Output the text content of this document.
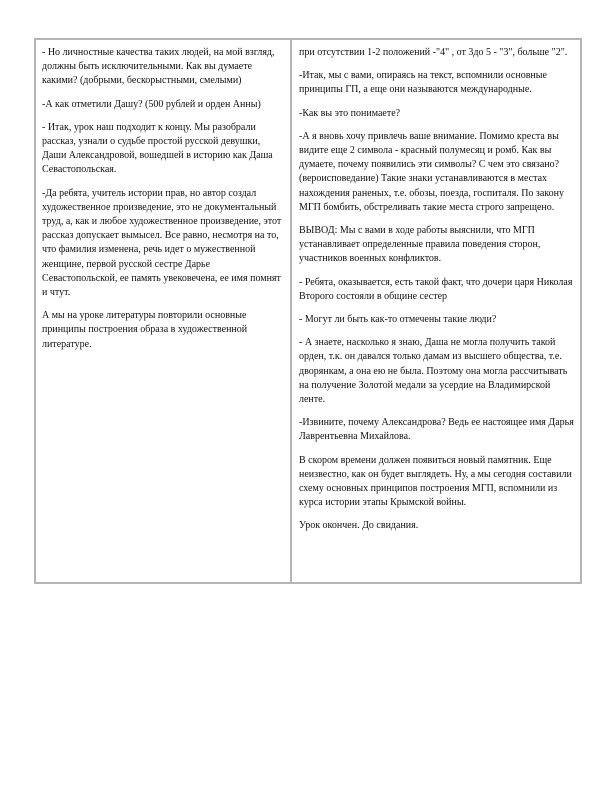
- Но личностные качества таких людей, на мой взгляд, должны быть исключительными. Как вы думаете какими? (добрыми, бескорыстными, смелыми)

-А как отметили Дашу? (500 рублей и орден Анны)

- Итак, урок наш подходит к концу. Мы разобрали рассказ, узнали о судьбе простой русской девушки, Даши Александровой, вошедшей в историю как Даша Севастопольская.

-Да ребята, учитель истории прав, но автор создал художественное произведение, это не документальный труд, а, как и любое художественное произведение, этот рассказ допускает вымысел. Все равно, несмотря на то, что фамилия изменена, речь идет о мужественной женщине, первой русской сестре Дарье Севастопольской, ее память увековечена, ее имя помнят и чтут.

А мы на уроке литературы повторили основные принципы построения образа в художественной литературе.

при отсутствии 1-2 положений -"4" , от 3до 5 - "3", больше "2".

-Итак, мы с вами, опираясь на текст, вспомнили основные принципы ГП, а еще они называются международные.

-Как вы это понимаете?

-А я вновь хочу привлечь ваше внимание. Помимо креста вы видите еще 2 символа - красный полумесяц и ромб. Как вы думаете, почему появились эти символы? С чем это связано? (вероисповедание) Такие знаки устанавливаются в местах нахождения раненых, т.е. обозы, поезда, госпиталя. По закону МГП бомбить, обстреливать такие места строго запрещено.

ВЫВОД: Мы с вами в ходе работы выяснили, что МГП устанавливает определенные правила поведения сторон, участников военных конфликтов.

- Ребята, оказывается, есть такой факт, что дочери царя Николая Второго состояли в общине сестер

- Могут ли быть как-то отмечены такие люди?

- А знаете, насколько я знаю, Даша не могла получить такой орден, т.к. он давался только дамам из высшего общества, т.е. дворянкам, а она ею не была. Поэтому она могла рассчитывать на получение Золотой медали за усердие на Владимирской ленте.

-Извините, почему Александрова? Ведь ее настоящее имя Дарья Лаврентьевна Михайлова.

В скором времени должен появиться новый памятник. Еще неизвестно, как он будет выглядеть. Ну, а мы сегодня составили схему основных принципов построения МГП, вспомнили из курса истории этапы Крымской войны.

Урок окончен. До свидания.
